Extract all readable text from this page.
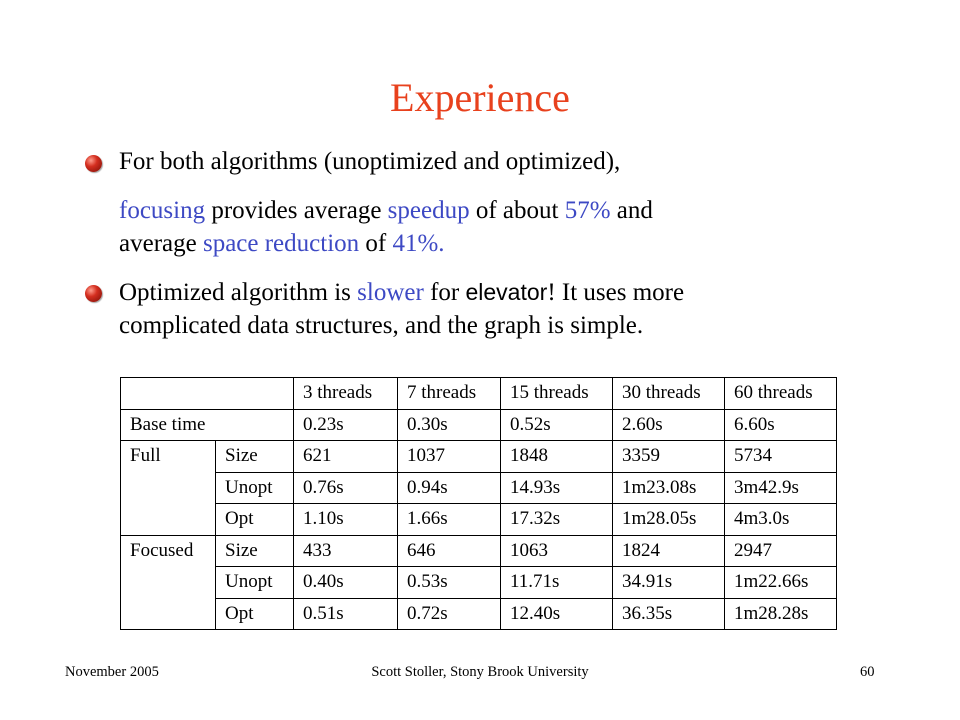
Experience
For both algorithms (unoptimized and optimized),
focusing provides average speedup of about 57% and
average space reduction of 41%.
Optimized algorithm is slower for elevator! It uses more
complicated data structures, and the graph is simple.
		3 threads	7 threads	15 threads	30 threads	60 threads
Base time		0.23s	0.30s	0.52s	2.60s	6.60s
Full	Size	621	1037	1848	3359	5734
	Unopt	0.76s	0.94s	14.93s	1m23.08s	3m42.9s
	Opt	1.10s	1.66s	17.32s	1m28.05s	4m3.0s
Focused	Size	433	646	1063	1824	2947
	Unopt	0.40s	0.53s	11.71s	34.91s	1m22.66s
	Opt	0.51s	0.72s	12.40s	36.35s	1m28.28s
November 2005	Scott Stoller, Stony Brook University	60
